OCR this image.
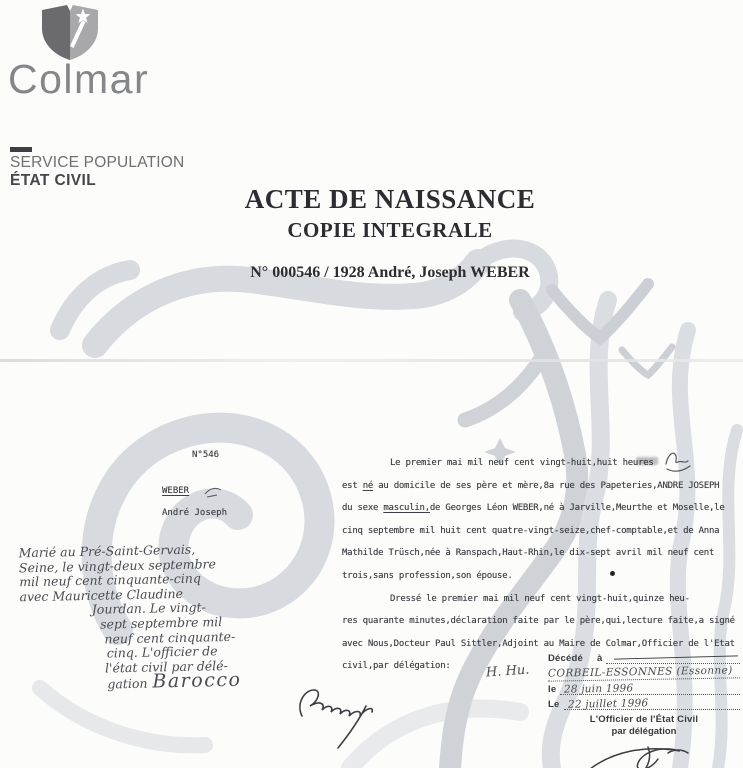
Colmar
SERVICE POPULATION
ÉTAT CIVIL
ACTE DE NAISSANCE
COPIE INTEGRALE
N° 000546 / 1928 André, Joseph WEBER
N°546
WEBER
André Joseph
Le premier mai mil neuf cent vingt-huit,huit heures
est né au domicile de ses père et mère,8a rue des Papeteries,ANDRE JOSEPH
du sexe masculin,de Georges Léon WEBER,né à Jarville,Meurthe et Moselle,le
cinq septembre mil huit cent quatre-vingt-seize,chef-comptable,et de Anna
Mathilde Trüsch,née à Ranspach,Haut-Rhin,le dix-sept avril mil neuf cent
trois,sans profession,son épouse.
Dressé le premier mai mil neuf cent vingt-huit,quinze heu-
res quarante minutes,déclaration faite par le père,qui,lecture faite,a signé
avec Nous,Docteur Paul Sittler,Adjoint au Maire de Colmar,Officier de l'Etat
civil,par délégation:
Marié au Pré-Saint-Gervais,
Seine, le vingt-deux septembre
mil neuf cent cinquante-cinq
avec Mauricette Claudine
Jourdan. Le vingt-
sept septembre mil
neuf cent cinquante-
cinq. L'officier de
l'état civil par délé-
gation Barocco	H. Hu.
Décédé à
CORBEIL-ESSONNES (Essonne)
le 28 juin 1996
Le 22 juillet 1996
L'Officier de l'État Civil
par délégation
